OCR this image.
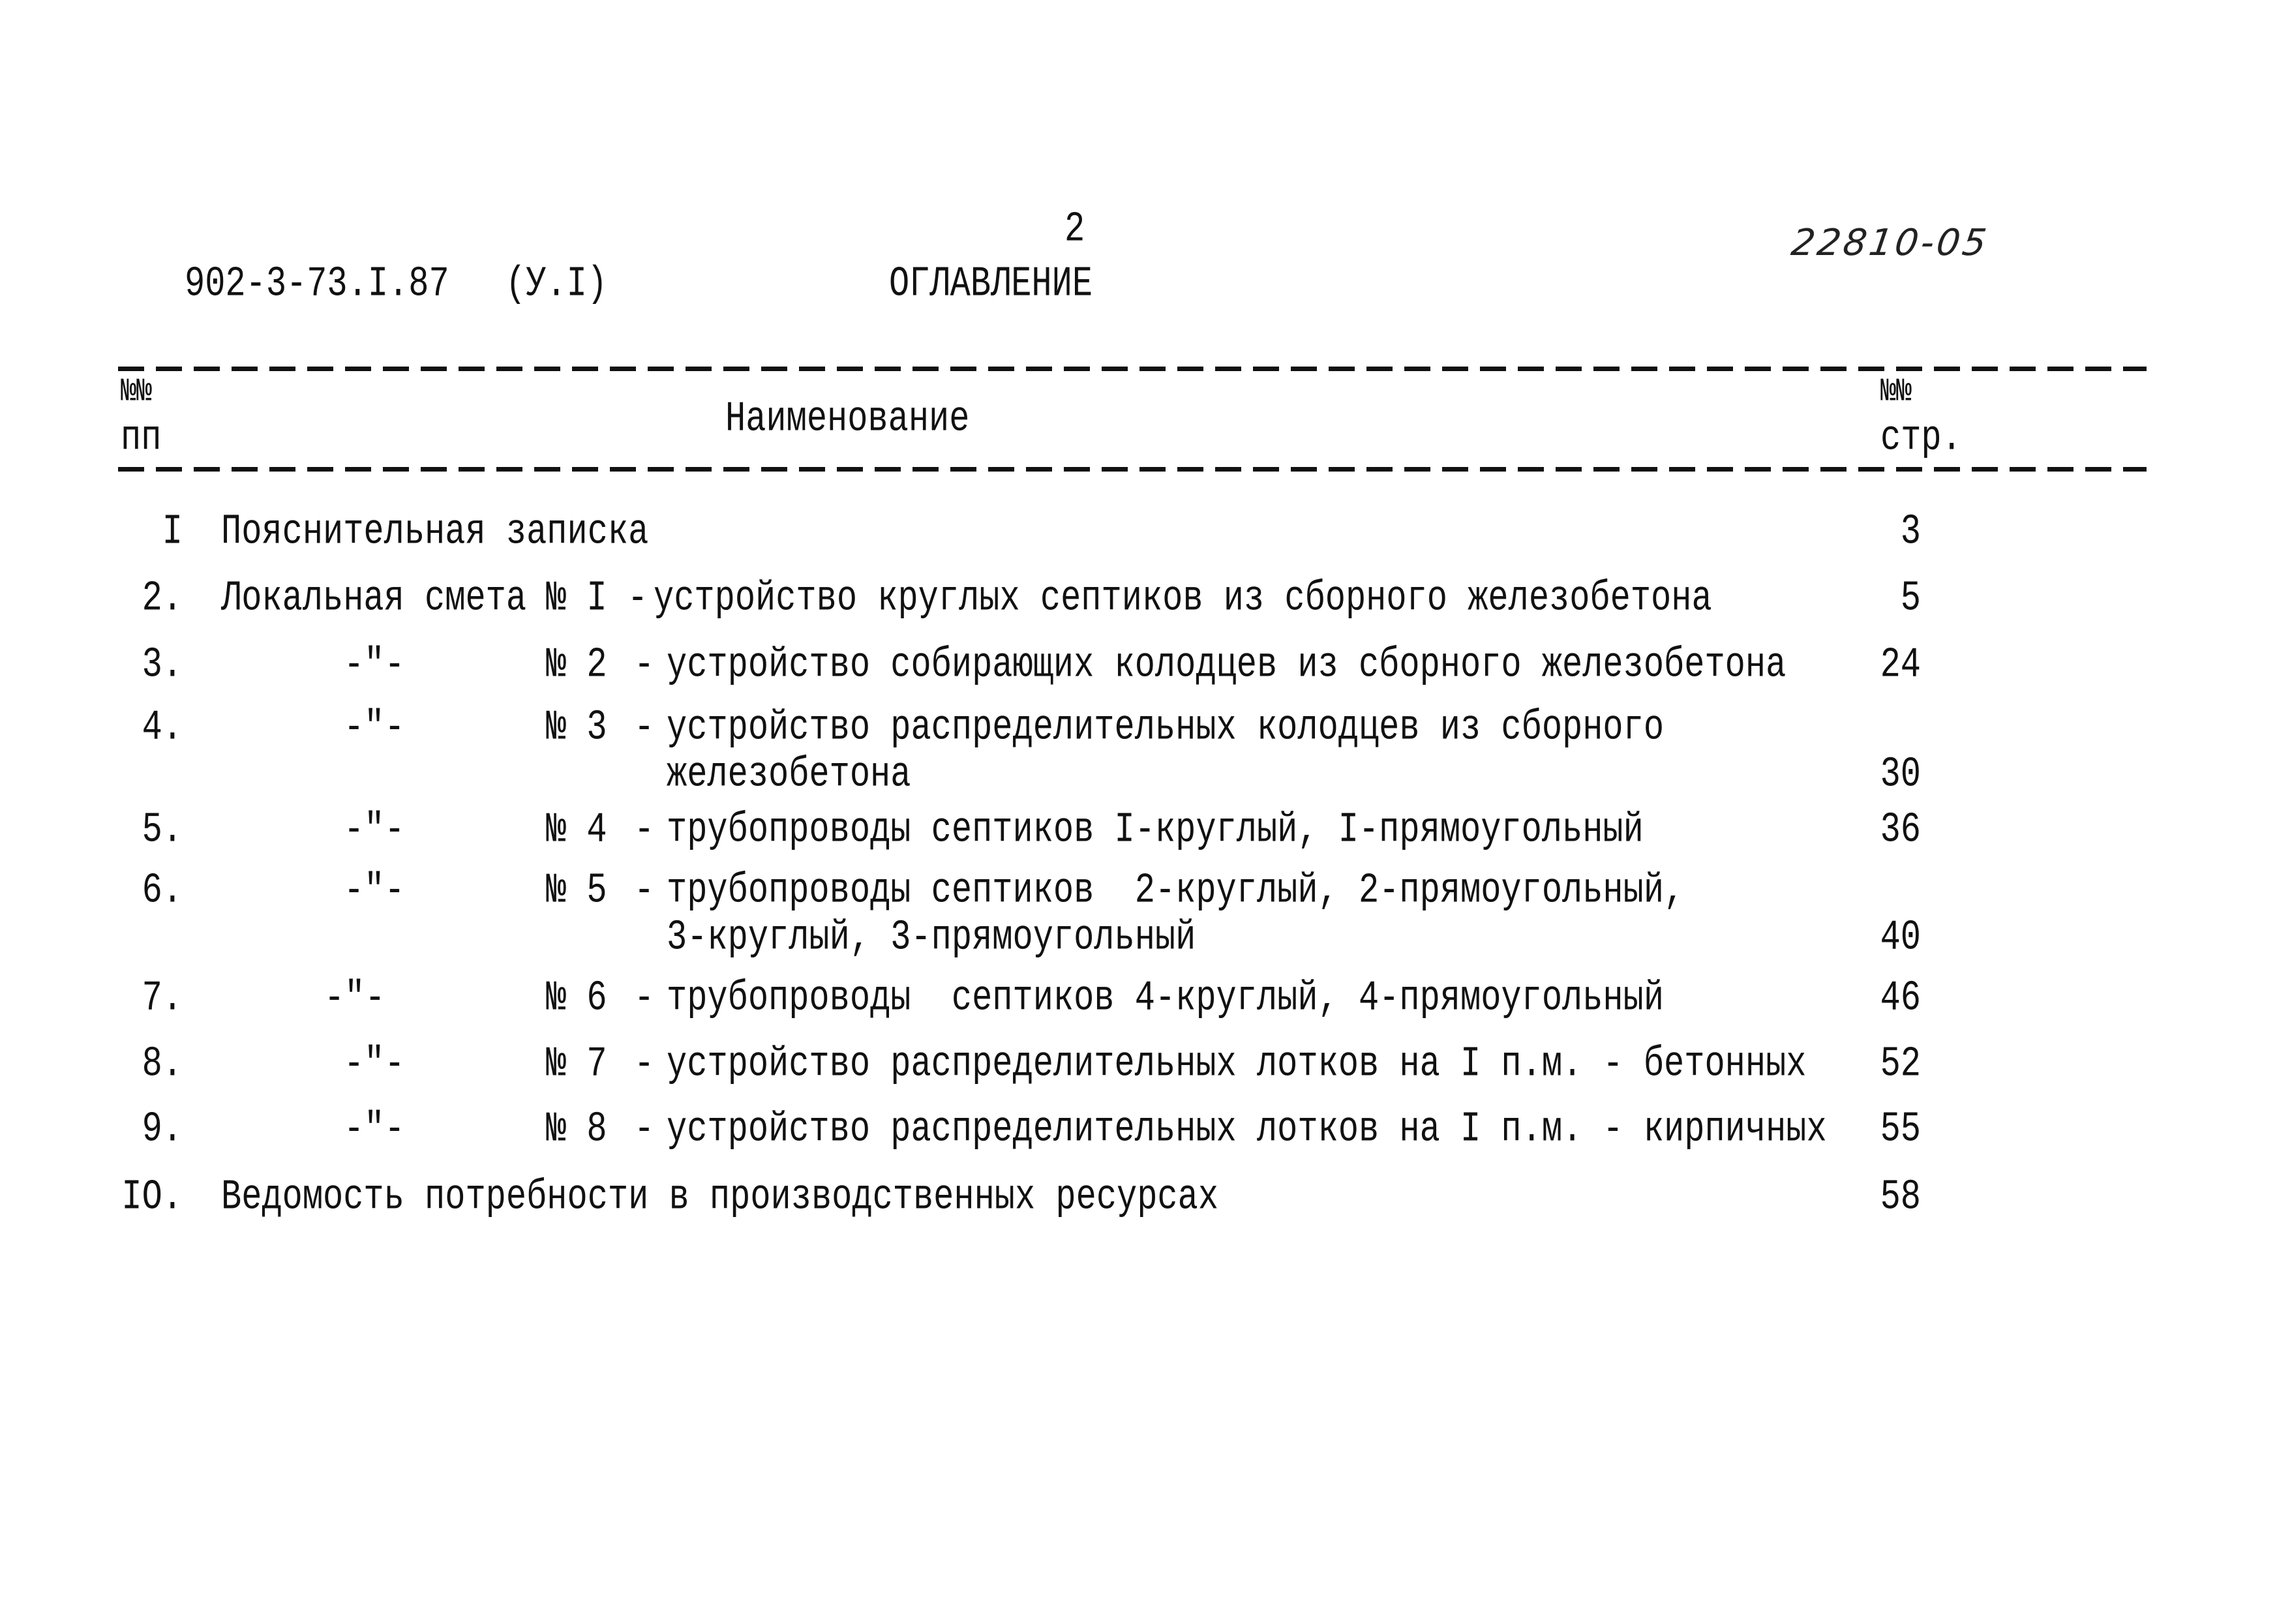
902-3-73.I.87 (У.I)
2
ОГЛАВЛЕНИЕ
22810-05
№№
пп	Наименование
№№
стр.
I Пояснительная записка	3
2. Локальная смета № I - устройство круглых септиков из сборного железобетона	5
3.	-"-	№ 2 - устройство собирающих колодцев из сборного железобетона	24
4.	-"-	№ 3 - устройство распределительных колодцев из сборного
железобетона	30
5.	-"-	№ 4 - трубопроводы септиков I-круглый, I-прямоугольный	36
6.	-"-	№ 5 - трубопроводы септиков  2-круглый, 2-прямоугольный,
3-круглый, 3-прямоугольный	40
7.	-"-	№ 6 - трубопроводы  септиков 4-круглый, 4-прямоугольный	46
8.	-"-	№ 7 - устройство распределительных лотков на I п.м. - бетонных 52
9.	-"-	№ 8 - устройство распределительных лотков на I п.м. - кирпичных 55
IO. Ведомость потребности в производственных ресурсах	58
